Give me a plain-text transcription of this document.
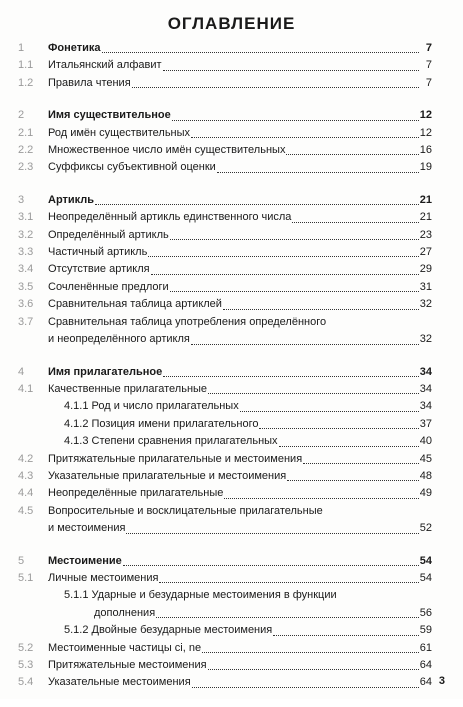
ОГЛАВЛЕНИЕ
1	Фонетика	7
1.1	Итальянский алфавит	7
1.2	Правила чтения	7
2	Имя существительное	12
2.1	Род имён существительных	12
2.2	Множественное число имён существительных	16
2.3	Суффиксы субъективной оценки	19
3	Артикль	21
3.1	Неопределённый артикль единственного числа	21
3.2	Определённый артикль	23
3.3	Частичный артикль	27
3.4	Отсутствие артикля	29
3.5	Сочленённые предлоги	31
3.6	Сравнительная таблица артиклей	32
3.7	Сравнительная таблица употребления определённого
и неопределённого артикля	32
4	Имя прилагательное	34
4.1	Качественные прилагательные	34
4.1.1 Род и число прилагательных	34
4.1.2 Позиция имени прилагательного	37
4.1.3 Степени сравнения прилагательных	40
4.2	Притяжательные прилагательные и местоимения	45
4.3	Указательные прилагательные и местоимения	48
4.4	Неопределённые прилагательные	49
4.5	Вопросительные и восклицательные прилагательные
и местоимения	52
5	Местоимение	54
5.1	Личные местоимения	54
5.1.1 Ударные и безударные местоимения в функции
дополнения	56
5.1.2 Двойные безударные местоимения	59
5.2	Местоименные частицы ci, ne	61
5.3	Притяжательные местоимения	64
5.4	Указательные местоимения	64 3
